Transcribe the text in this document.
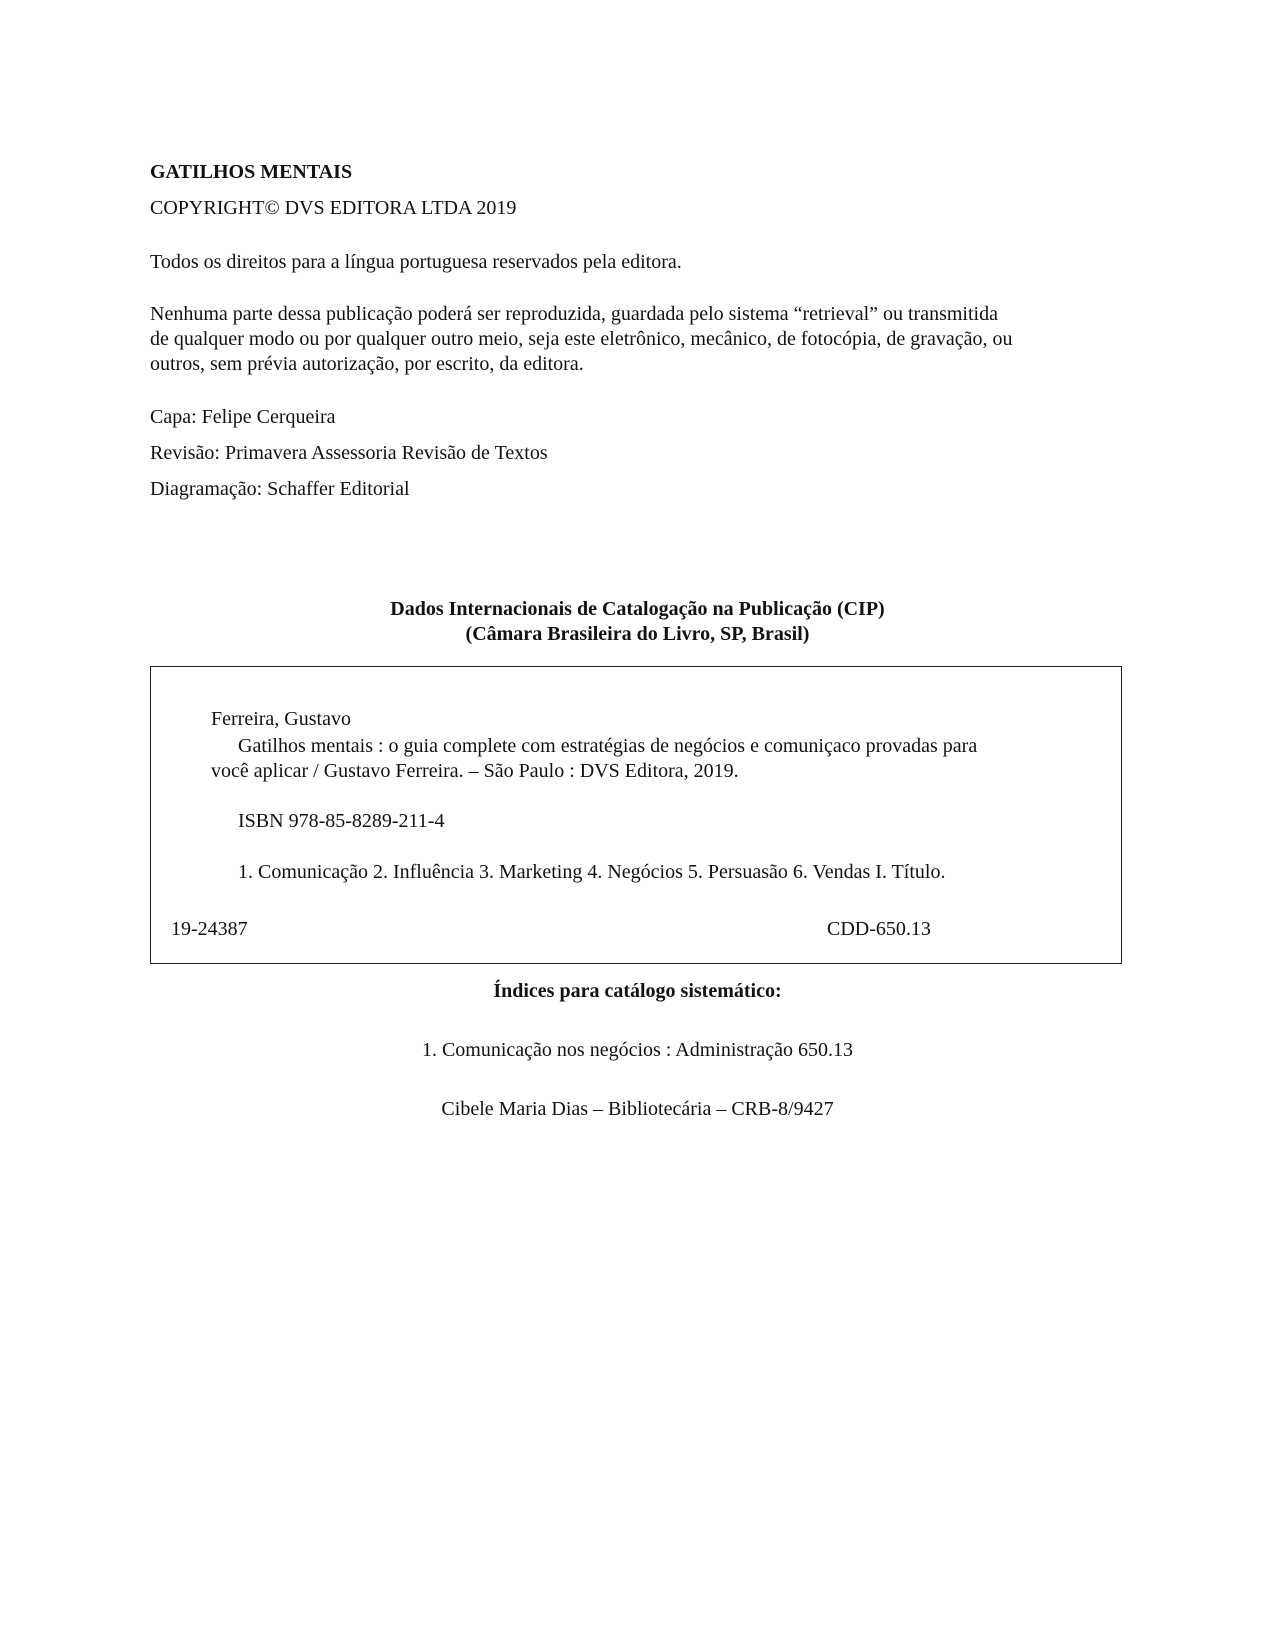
GATILHOS MENTAIS
COPYRIGHT© DVS EDITORA LTDA 2019
Todos os direitos para a língua portuguesa reservados pela editora.
Nenhuma parte dessa publicação poderá ser reproduzida, guardada pelo sistema “retrieval” ou transmitida
de qualquer modo ou por qualquer outro meio, seja este eletrônico, mecânico, de fotocópia, de gravação, ou
outros, sem prévia autorização, por escrito, da editora.
Capa: Felipe Cerqueira
Revisão: Primavera Assessoria Revisão de Textos
Diagramação: Schaffer Editorial
Dados Internacionais de Catalogação na Publicação (CIP)
(Câmara Brasileira do Livro, SP, Brasil)
Ferreira, Gustavo
Gatilhos mentais : o guia complete com estratégias de negócios e comuniçaco provadas para
você aplicar / Gustavo Ferreira. – São Paulo : DVS Editora, 2019.
ISBN 978-85-8289-211-4
1. Comunicação 2. Influência 3. Marketing 4. Negócios 5. Persuasão 6. Vendas I. Título.
19-24387	CDD-650.13
Índices para catálogo sistemático:
1. Comunicação nos negócios : Administração 650.13
Cibele Maria Dias – Bibliotecária – CRB-8/9427
